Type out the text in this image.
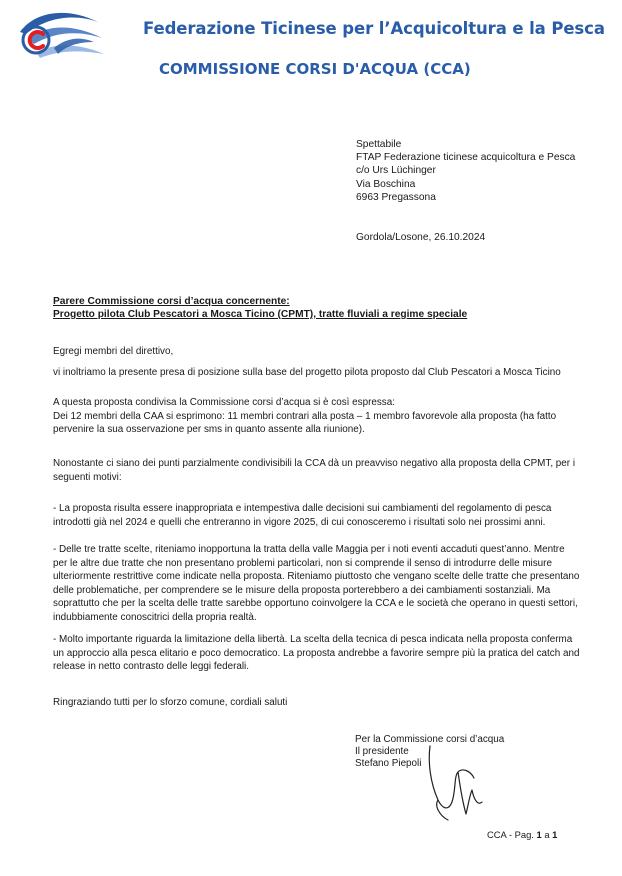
Federazione Ticinese per l’Acquicoltura e la Pesca
COMMISSIONE CORSI D'ACQUA (CCA)
Spettabile
FTAP Federazione ticinese acquicoltura e Pesca
c/o Urs Lüchinger
Via Boschina
6963 Pregassona
Gordola/Losone, 26.10.2024
Parere Commissione corsi d’acqua concernente:
Progetto pilota Club Pescatori a Mosca Ticino (CPMT), tratte fluviali a regime speciale
Egregi membri del direttivo,
vi inoltriamo la presente presa di posizione sulla base del progetto pilota proposto dal Club Pescatori a Mosca Ticino
A questa proposta condivisa la Commissione corsi d’acqua si è così espressa:
Dei 12 membri della CAA si esprimono: 11 membri contrari alla posta – 1 membro favorevole alla proposta (ha fatto
pervenire la sua osservazione per sms in quanto assente alla riunione).
Nonostante ci siano dei punti parzialmente condivisibili la CCA dà un preavviso negativo alla proposta della CPMT, per i
seguenti motivi:
- La proposta risulta essere inappropriata e intempestiva dalle decisioni sui cambiamenti del regolamento di pesca
introdotti già nel 2024 e quelli che entreranno in vigore 2025, di cui conosceremo i risultati solo nei prossimi anni.
- Delle tre tratte scelte, riteniamo inopportuna la tratta della valle Maggia per i noti eventi accaduti quest’anno. Mentre
per le altre due tratte che non presentano problemi particolari, non si comprende il senso di introdurre delle misure
ulteriormente restrittive come indicate nella proposta. Riteniamo piuttosto che vengano scelte delle tratte che presentano
delle problematiche, per comprendere se le misure della proposta porterebbero a dei cambiamenti sostanziali. Ma
soprattutto che per la scelta delle tratte sarebbe opportuno coinvolgere la CCA e le società che operano in questi settori,
indubbiamente conoscitrici della propria realtà.
- Molto importante riguarda la limitazione della libertà. La scelta della tecnica di pesca indicata nella proposta conferma
un approccio alla pesca elitario e poco democratico. La proposta andrebbe a favorire sempre più la pratica del catch and
release in netto contrasto delle leggi federali.
Ringraziando tutti per lo sforzo comune, cordiali saluti
Per la Commissione corsi d’acqua
Il presidente
Stefano Piepoli
CCA - Pag. 1 a 1
